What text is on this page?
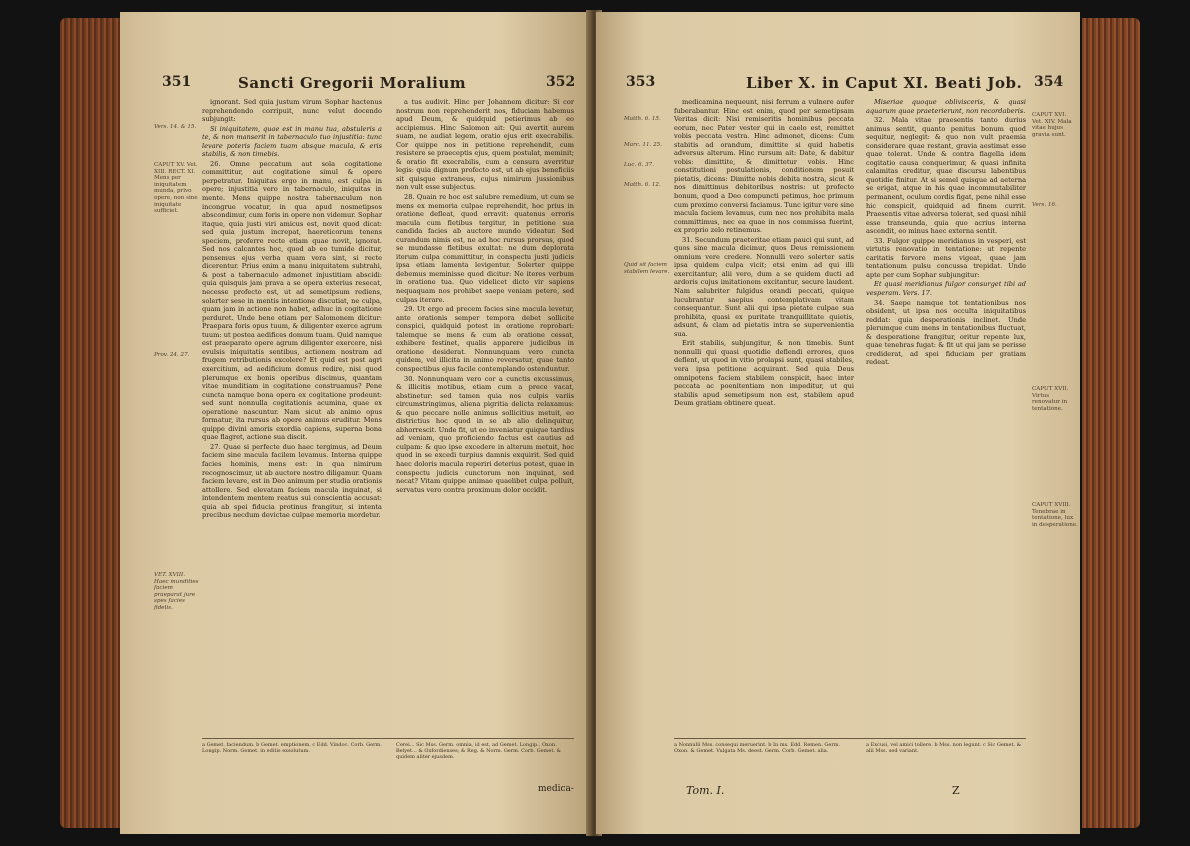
351	Sancti Gregorii Moralium	352

ignorant. Sed quia justum virum Sophar hactenus reprehendendo corripuit, nunc velut docendo subjungit:

Si iniquitatem, quae est in manu tua, abstuleris a te, & non manserit in tabernaculo tuo injustitia: tunc levare poteris faciem tuam absque macula, & eris stabilis, & non timebis.

26. Omne peccatum aut sola cogitatione committitur, aut cogitatione simul & opere perpetratur. Iniquitas ergo in manu, est culpa in opere; injustitia vero in tabernaculo, iniquitas in mente. Mens quippe nostra tabernaculum non incongrue vocatur, in qua apud nosmetipsos abscondimur, cum foris in opere non videmur. Sophar itaque, quia justi viri amicus est, novit quod dicat: sed quia justum increpat, haereticorum tenens speciem, proferre recte etiam quae novit, ignorat. Sed nos calcantes hoc, quod ab eo tumide dicitur, pensemus ejus verba quam vera sint, si recte dicerentur. Prius enim a manu iniquitatem subtrahi, & post a tabernaculo admonet injustitiam abscidi: quia quisquis jam prava a se opera exterius resecat, necesse profecto est, ut ad semetipsum rediens, solerter sese in mentis intentione discutiat, ne culpa, quam jam in actione non habet, adhuc in cogitatione perduret. Unde bene etiam per Salomonem dicitur: Praepara foris opus tuum, & diligenter exerce agrum tuum: ut postea aedifices domum tuam. Quid namque est praeparato opere agrum diligenter exercere, nisi evulsis iniquitatis sentibus, actionem nostram ad frugem retributionis excolere? Et quid est post agri exercitium, ad aedificium domus redire, nisi quod plerumque ex bonis operibus discimus, quantam vitae munditiam in cogitatione construamus? Pene cuncta namque bona opera ex cogitatione prodeunt: sed sunt nonnulla cogitationis acumina, quae ex operatione nascuntur. Nam sicut ab animo opus formatur, ita rursus ab opere animus eruditur. Mens quippe divini amoris exordia capiens, superna bona quae flagret, actione sua discit.

27. Quae si perfecte duo haec tergimus, ad Deum faciem sine macula facilem levamus. Interna quippe facies hominis, mens est: in qua nimirum recognoscimur, ut ab auctore nostro diligamur. Quam faciem levare, est in Deo animum per studia orationis attollere. Sed elevatam faciem macula inquinat, si intendentem mentem reatus sui conscientia accusat: quia ab spei fiducia protinus frangitur, si intenta precibus necdum devictae culpae memoria mordetur.

a tus audivit. Hinc per Johannem dicitur: Si cor nostrum non reprehenderit nos, fiduciam habemus apud Deum, & quidquid petierimus ab eo accipiemus. Hinc Salomon ait: Qui avertit aurem suam, ne audiat legem, oratio ejus erit execrabilis. Cor quippe nos in petitione reprehendit, cum resistere se praeceptis ejus, quem postulat, meminit; & oratio fit execrabilis, cum a censura averritur legis: quia dignum profecto est, ut ab ejus beneficiis sit quisque extraneus, cujus nimirum jussionibus non vult esse subjectus.

28. Quain re hoc est salubre remedium, ut cum se mens ex memoria culpae reprehendit, hoc prius in oratione defleat, quod erravit: quatenus erroris macula cum fletibus tergitur, in petitione sua candida facies ab auctore mundo videatur. Sed curandum nimis est, ne ad hoc rursus prorsus, quod se mundasse fletibus exultat: ne dum deplorata iterum culpa committitur, in conspectu justi judicis ipsa etiam lamenta levigentur. Solerter quippe debemus meminisse quod dicitur: Ne iteres verbum in oratione tua. Quo videlicet dicto vir sapiens nequaquam nos prohibet saepe veniam petere, sed culpas iterare.

29. Ut ergo ad precem facies sine macula levetur, ante orationis semper tempora debet sollicite conspici, quidquid potest in oratione reprobari: talemque se mens & cum ab oratione cessat, exhibere festinet, qualis apparere judicibus in oratione desiderat. Nonnunquam vero cuncta quidem, vel illicita in animo reversatur, quae tanto conspectibus ejus facile contemplando ostenduntur.

30. Nonnunquam vero cor a cunctis excussimus, & illicitis motibus, etiam cum a prece vacat, abstinetur: sed tamen quia nos culpis variis circumstringimus, aliena pigritia delicta relaxamus: & quo peccare nolle animus sollicitius metuit, eo districtius hoc quod in se ab alio delinquitur, abhorrescit. Unde fit, ut eo inveniatur quique tardius ad veniam, quo proficiendo factus est cautius ad culpam: & quo ipse excedere in alterum metuit, hoc quod in se excedi turpius damnis exquirit. Sed quid haec doloris macula reperiri deterius potest, quae in conspectu judicis cunctorum non inquinat, sed necat? Vitam quippe animae quaelibet culpa polluit, servatus vero contra proximum dolor occidit.

Vers. 14. & 15.
CAPUT XV. Vet. XIII. RECT. XI. Mens per iniquitatem munda, privo opere, non sine iniquitate sufficiet.
Prov. 24. 27.
VET. XVIII. Haec mundities faciem praeparat jure spes facies fidelis.
a Gemet. faciendum. b Gemet. emptionem. c Edd. Vindoc. Corb. Germ. Longip. Norm. Gemet. in editis exsolutum.
Cerei... Sic Mss. Germ. omnia, id est, ad Gemet. Longip., Oxon. Belyet... & Oxfordienses; & Reg. & Norm. Germ. Corb. Gemet. & quidem aliter ejusdem.
medica-
353	Liber X. in Caput XI. Beati Job. 354

medicamina nequeunt, nisi ferrum a vulnere aufer fuberabantur. Hinc est enim, quod per semetipsam Veritas dicit: Nisi remiseritis hominibus peccata eorum, nec Pater vester qui in caelo est, remittet vobis peccata vestra. Hinc admonet, dicens: Cum stabitis ad orandum, dimittite si quid habetis adversus alterum. Hinc rursum ait: Date, & dabitur vobis: dimittite, & dimittetur vobis. Hinc constitutioni postulationis, conditionem posuit pietatis, dicens: Dimitte nobis debita nostra, sicut & nos dimittimus debitoribus nostris: ut profecto bonum, quod a Deo compuncti petimus, hoc primum cum proximo conversi faciamus. Tunc igitur vere sine macula faciem levamus, cum nec nos prohibita mala committimus, nec ea quae in nos commissa fuerint, ex proprio zelo retinemus.

31. Secundum praeteritae etiam pauci qui sunt, ad quos sine macula dicimur, quos Deus remissionem omnium vere credere. Nonnulli vero solerter satis ipsa quidem culpa vicit; etsi enim ad qui illi exercitantur; alii vero, dum a se quidem ducti ad ardoris cujus imitationem excitantur, secure laudent. Nam salubriter fulgidus orandi peccati, quique lucubrantur saepius contemplativam vitam consequantur. Sunt alii qui ipsa pietate culpae sua prohibita, quasi ex puritate tranquillitate quietis, adsunt, & clam ad pietatis intra se supervenientia sua.

Erit stabilis, subjungitur, & non timebis. Sunt nonnulli qui quasi quotidie deflendi errores, quos deflent, ut quod in vitio prolapsi sunt, quasi stabiles, vera ipsa petitione acquirant. Sed quia Deus omnipotens faciem stabilem conspicit, haec inter peccata ac poenitentiam non impeditur, ut qui stabilis apud semetipsum non est, stabilem apud Deum gratiam obtinere queat.

Miseriae quoque oblivisceris, & quasi aquarum quae praeterierunt, non recordaberis.

32. Mala vitae praesentis tanto durius animus sentit, quanto penitus bonum quod sequitur, neglegit: & quo non vult praemia considerare quae restant, gravia aestimat esse quae tolerat. Unde & contra flagella idem cogitatio causa conquerimur, & quasi infinita calamitas creditur, quae discursu labentibus quotidie finitur. At si semel quisque ad aeterna se erigat, atque in his quae incommutabiliter permanent, oculum cordis figat, pene nihil esse hic conspicit, quidquid ad finem currit. Praesentis vitae adversa tolerat, sed quasi nihil esse transeunda, quia quo acrius interna ascendit, eo minus haec externa sentit.

33. Fulgor quippe meridianus in vesperi, est virtutis renovatio in tentatione: ut repente caritatis fervore mens vigeat, quae jam tentationum pulsu concussa trepidat. Unde apte per cum Sophar subjungitur:

Et quasi meridianus fulgor consurget tibi ad vesperam. Vers. 17.

34. Saepe namque tot tentationibus nos obsident, ut ipsa nos occulta iniquitatibus reddat: quia desperationis inclinet. Unde plerumque cum mens in tentationibus fluctuat, & desperatione frangitur, oritur repente lux, quae tenebras fugat: & fit ut qui jam se perisse crediderat, ad spei fiduciam per gratiam redeat.

Matth. 6. 15.
Marc. 11. 25.
Luc. 6. 37.
Matth. 6. 12.
Quid sit faciem stabilem levare.
CAPUT XVI. Vet. XIV. Mala vitae hujus gravia sunt.
Vers. 16.
CAPUT XVII. Virtus renovatur in tentatione.
CAPUT XVIII. Tenebrae in tentatione, lux in desperatione.
a Nonnulli Mss. consequi meruerint. b In ms. Edd. Remen. Germ. Oxon. & Gemet. Vulgata Ms. deest. Germ. Corb. Gemet. alia.
a Excusi, vel amici tollere. b Mss. non legunt. c Sic Gemet. & alii Mss. sed variant.
Tom. I.	Z
